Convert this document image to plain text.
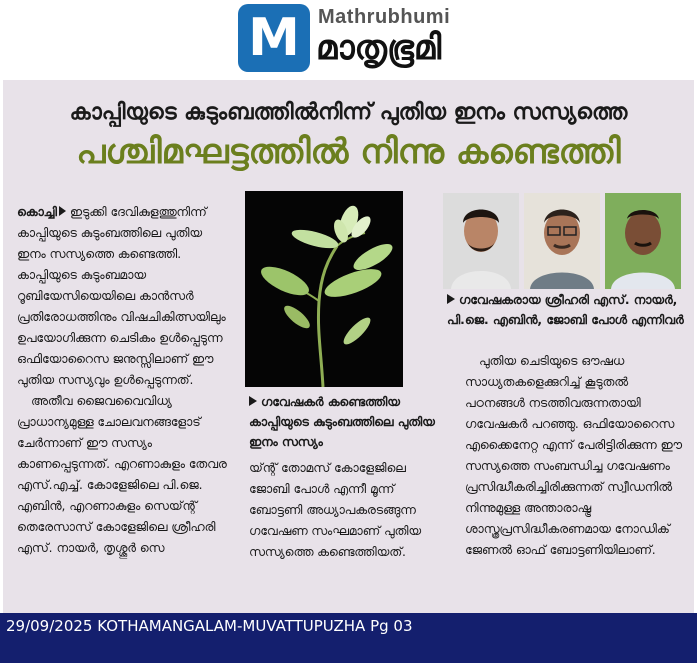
M Mathrubhumi
മാതൃഭൂമി
കാപ്പിയുടെ കുടുംബത്തിൽനിന്ന് പുതിയ ഇനം സസ്യത്തെ
പശ്ചിമഘട്ടത്തിൽ നിന്നു കണ്ടെത്തി

കൊച്ചി ഇടുക്കി ദേവികുളത്തുനിന്ന് കാപ്പിയുടെ കുടുംബത്തിലെ പുതിയ ഇനം സസ്യത്തെ കണ്ടെത്തി. കാപ്പിയുടെ കുടുംബമായ റൂബിയേസിയെയിലെ കാൻസർ പ്രതിരോധത്തിനും വിഷചികിത്സയിലും ഉപയോഗിക്കുന്ന ചെടികം ഉൾപ്പെടുന്ന ഒഫിയോറൈസ ജനുസ്സിലാണ് ഈ പുതിയ സസ്യവും ഉൾപ്പെടുന്നത്.

അതീവ ജൈവവൈവിധ്യ പ്രാധാന്യമുള്ള ചോലവനങ്ങളോട് ചേർന്നാണ് ഈ സസ്യം കാണപ്പെടുന്നത്. എറണാകുളം തേവര എസ്.എച്ച്. കോളേജിലെ പി.ജെ. എബിൻ, എറണാകുളം സെയ്ന്റ് തെരേസാസ് കോളേജിലെ ശ്രീഹരി എസ്. നായർ, തൃശ്ശൂർ സെ

ഗവേഷകർ കണ്ടെത്തിയ കാപ്പിയുടെ കുടുംബത്തിലെ പുതിയ ഇനം സസ്യം

യ്ന്റ് തോമസ് കോളേജിലെ ജോബി പോൾ എന്നീ മൂന്ന് ബോട്ടണി അധ്യാപകരടങ്ങുന്ന ഗവേഷണ സംഘമാണ് പുതിയ സസ്യത്തെ കണ്ടെത്തിയത്.

ഗവേഷകരായ ശ്രീഹരി എസ്. നായർ, പി.ജെ. എബിൻ, ജോബി പോൾ എന്നിവർ

പുതിയ ചെടിയുടെ ഔഷധ സാധ്യതകളെക്കുറിച്ച് കൂടുതൽ പഠനങ്ങൾ നടത്തിവരുന്നതായി ഗവേഷകർ പറഞ്ഞു. ഒഫിയോറൈസ എക്കൈനേറ്റ എന്ന് പേരിട്ടിരിക്കുന്ന ഈ സസ്യത്തെ സംബന്ധിച്ച ഗവേഷണം പ്രസിദ്ധീകരിച്ചിരിക്കുന്നത് സ്വീഡനിൽ നിന്നുമുള്ള അന്താരാഷ്ട്ര ശാസ്ത്രപ്രസിദ്ധീകരണമായ നോഡിക് ജേണൽ ഓഫ് ബോട്ടണിയിലാണ്.

29/09/2025 KOTHAMANGALAM-MUVATTUPUZHA Pg 03
